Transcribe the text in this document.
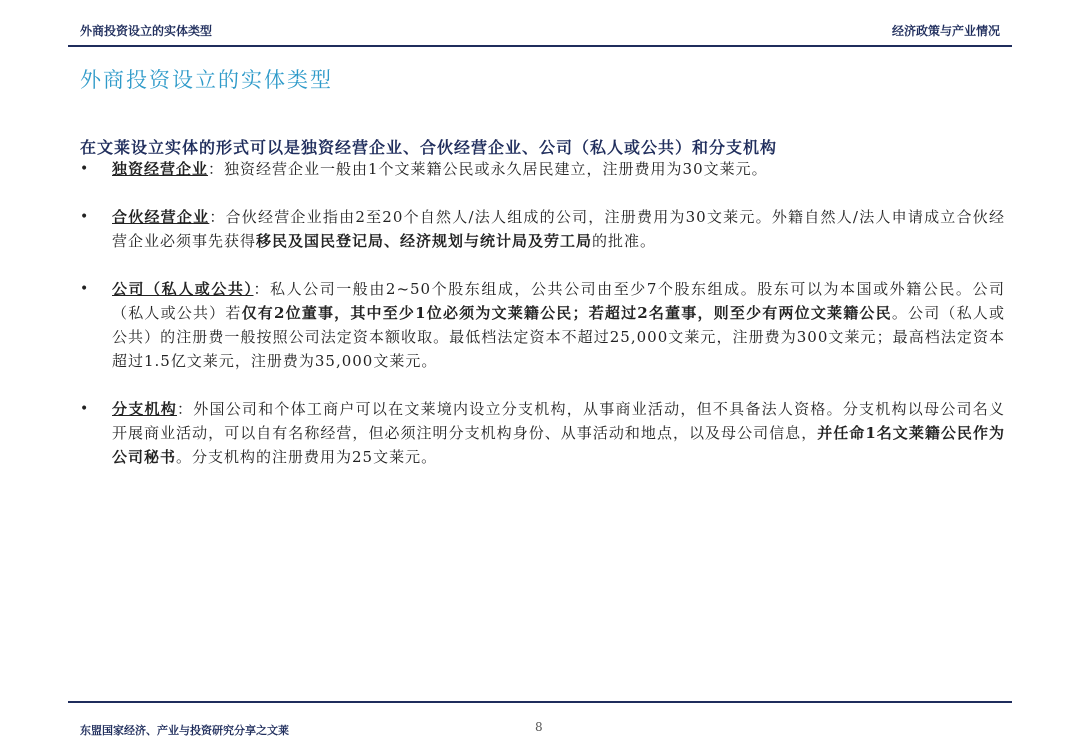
外商投资设立的实体类型	经济政策与产业情况
外商投资设立的实体类型
在文莱设立实体的形式可以是独资经营企业、合伙经营企业、公司（私人或公共）和分支机构
• 独资经营企业：独资经营企业一般由1个文莱籍公民或永久居民建立，注册费用为30文莱元。
• 合伙经营企业：合伙经营企业指由2至20个自然人/法人组成的公司，注册费用为30文莱元。外籍自然人/法人申请成立合伙经营企业必须事先获得移民及国民登记局、经济规划与统计局及劳工局的批准。
• 公司（私人或公共）：私人公司一般由2~50个股东组成，公共公司由至少7个股东组成。股东可以为本国或外籍公民。公司（私人或公共）若仅有2位董事，其中至少1位必须为文莱籍公民；若超过2名董事，则至少有两位文莱籍公民。公司（私人或公共）的注册费一般按照公司法定资本额收取。最低档法定资本不超过25,000文莱元，注册费为300文莱元；最高档法定资本超过1.5亿文莱元，注册费为35,000文莱元。
• 分支机构：外国公司和个体工商户可以在文莱境内设立分支机构，从事商业活动，但不具备法人资格。分支机构以母公司名义开展商业活动，可以自有名称经营，但必须注明分支机构身份、从事活动和地点，以及母公司信息，并任命1名文莱籍公民作为公司秘书。分支机构的注册费用为25文莱元。
东盟国家经济、产业与投资研究分享之文莱	8
